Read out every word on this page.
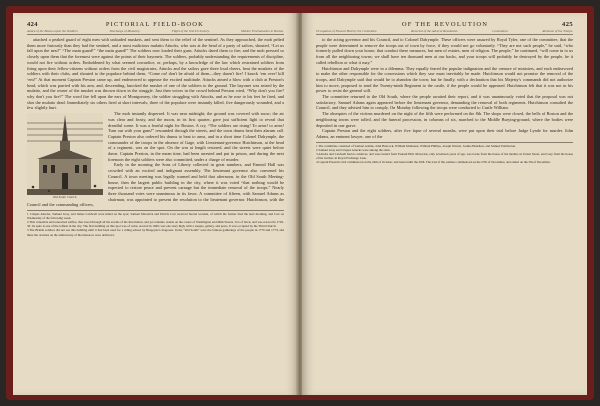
424	PICTORIAL FIELD-BOOK
Attack of the Boston upon the Soldiers.	Discharge of Musketry.	Flight of the Ostrich Society.	Murder Proclamation in Boston.

attached a peaked guard of eight men with unloaded muskets, and sent them to the relief of the sentinel. As they approached, the mob pelted them more furiously than they had the sentinel, and a most malicious mulatto Attucks, who was at the head of a party of sailors, shouted, “Let us fall upon the nest!” “The main guard!” “the main guard!” The soldiers now loaded their guns. Attucks dared them to fire; and the mob pressed so closely upon them that the foremost were against the points of their bayonets. The soldiers, probably understanding the requirements of discipline, would not fire without orders. Emboldened by what seemed cowardice, or, perhaps, by a knowledge of the law which restrained soldiers from firing upon their fellow-citizens without orders from the civil magistrates, Attucks and the sailors gave three loud cheers, beat the muskets of the soldiers with their clubs, and shouted to the populace behind them, “Come on! don't be afraid of them—they daren't fire! I knock ‘em over! kill ‘em!” At that moment Captain Preston came up, and endeavored to appease the excited multitude. Attucks aimed a blow with a club at Preston's head, which was parried with his arm, and, descending, knocked the musket of one of the soldiers to the ground. The bayonet was seized by the mulatto, and the owner of the musket was thrown down in the struggle. Just then voices in the crowd behind Preston cried, “Why don't you fire? why don't you fire?” The word fire fell upon the ears of Montgomery, the soldier struggling with Attucks, and as he rose to his feet he fired, and shot the mulatto dead. Immediately six others fired at short intervals; three of the populace were instantly killed, five dangerously wounded, and a few slightly hurt.

Old South Church.

The mob instantly dispersed. It was near midnight; the ground was covered with snow; the air was clear and frosty, and the moon, in its first quarter, gave just sufficient light to reveal that dreadful scene. It was a fearful night for Boston. A cry, “The soldiers are rising! To arms! to arms! Turn out with your guns!” resounded through the streets, and the town drums beat their alarum call. Captain Preston also ordered his drums to beat to arms, and in a short time Colonel Dalrymple, the commander of the troops in the absence of Gage, with Lieutenant-governor Hutchinson, at the head of a regiment, was on the spot. On the war at length restored, and the streets were quiet before dawn. Captain Preston, in the mean time, had been arrested and put in prison, and during the next forenoon the eight soldiers were also committed, under a charge of murder.

Early in the morning the Sons of Liberty collected in great numbers, and Faneuil Hall was crowded with an excited and indignant assembly. The lieutenant governor also convened his Council. A town meeting was legally warned and held that afternoon, in the Old South Meeting-house, then the largest public building in the city, where it was voted “that nothing would be expected to restore peace and prevent carnage but the immediate removal of the troops.” Nearly three thousand votes were unanimous in its favor. A committee of fifteen, with Samuel Adams as chairman, was appointed to present the resolution to the lieutenant governor. Hutchinson, with the Council and the commanding officers,

1 Crispus Attucks, Samuel Gray, and James Caldwell were killed on the spot; Samuel Maverick and Patrick Carr received mortal wounds, of which the former died the next morning, and Carr on Wednesday of the following week.

2 This venerable and renowned edifice, that stood through all the storms of the Revolution, and yet remains, stands on the corner of Washington and Milk Streets. It is of brick, and was erected in 1729-30. Its spire is one of the loftiest in the city. The first building on this spot was of cedar, erected in 1669; was one story high, with a steeple, gallery, and pews. It was occupied by the Third Church.

3 The British soldiers did not see this building until it had been used for a riding-school by Burgoyne's dragoons. In the “Old South” were the famous gatherings of the people in 1770 and 1773; and there the orations on the anniversary of the massacre were delivered.

OF THE REVOLUTION	425
Occupation of Faneuil Hall by the Committee.	Reversal of the Adverse Resolution.	Committees.	Removal of the Troops.

to the acting governor and his Council, and to Colonel Dalrymple. These officers were assured by Royal Tyler, one of the committee, that the people were determined to remove the troops out of town by force, if they would not go voluntarily. “They are not such people,” he said, “who formerly pulled down your house, that conduct these measures, but men of estates, men of religion. The people,” he continued, “will come in to us from all the neighboring towns; we shall have ten thousand men at our backs, and your troops will probably be destroyed by the people, be it called rebellion or what it may.”

Hutchinson and Dalrymple were in a dilemma. They equally feared the popular indignation and the censure of ministers, and each endeavored to make the other responsible for the concessions which they saw must inevitably be made. Hutchinson would not promise the removal of the troops, and Dalrymple said that would be to abandon the town; but he finally, with a declaration that his Majesty's commands did not authorize him to move, proposed to send the Twenty-ninth Regiment to the castle, if the people would be appeased. Hutchinson felt that it was not in his power to resist the general will.

The committee returned to the Old South, where the people awaited their report, and it was unanimously voted that the proposal was not satisfactory. Samuel Adams again appeared before the lieutenant governor, demanding the removal of both regiments. Hutchinson consulted the Council, and they advised him to comply. On Monday following the troops were conducted to Castle William.

The obsequies of the victims murdered on the night of the fifth were performed on the 8th. The shops were closed, the bells of Boston and the neighboring towns were tolled, and the funeral procession, in columns of six, marched to the Middle Burying-ground, where the bodies were deposited in one grave.

Captain Preston and the eight soldiers, after five lapse of several months, were put upon their trial before Judge Lynde for murder. John Adams, an eminent lawyer, one of the

1 The committee consisted of Samuel Adams, John Hancock, William Molineux, William Phillips, Joseph Warren, Joshua Henshaw, and Samuel Pemberton.

2 Samuel Gray and Crispus Attucks were among the slain.

3 Attucks and Caldwell had no relatives, and were buried from Faneuil Hall. Maverick, only seventeen years of age, was borne from the house of his mother, in Union Street, and Gray from the house of his brother, in Royal Exchange Lane.

4 Captain Preston's trial commenced on the 24th of October, and lasted until the 30th. The trial of the soldiers commenced on the 27th of November, and ended on the 5th of December.
